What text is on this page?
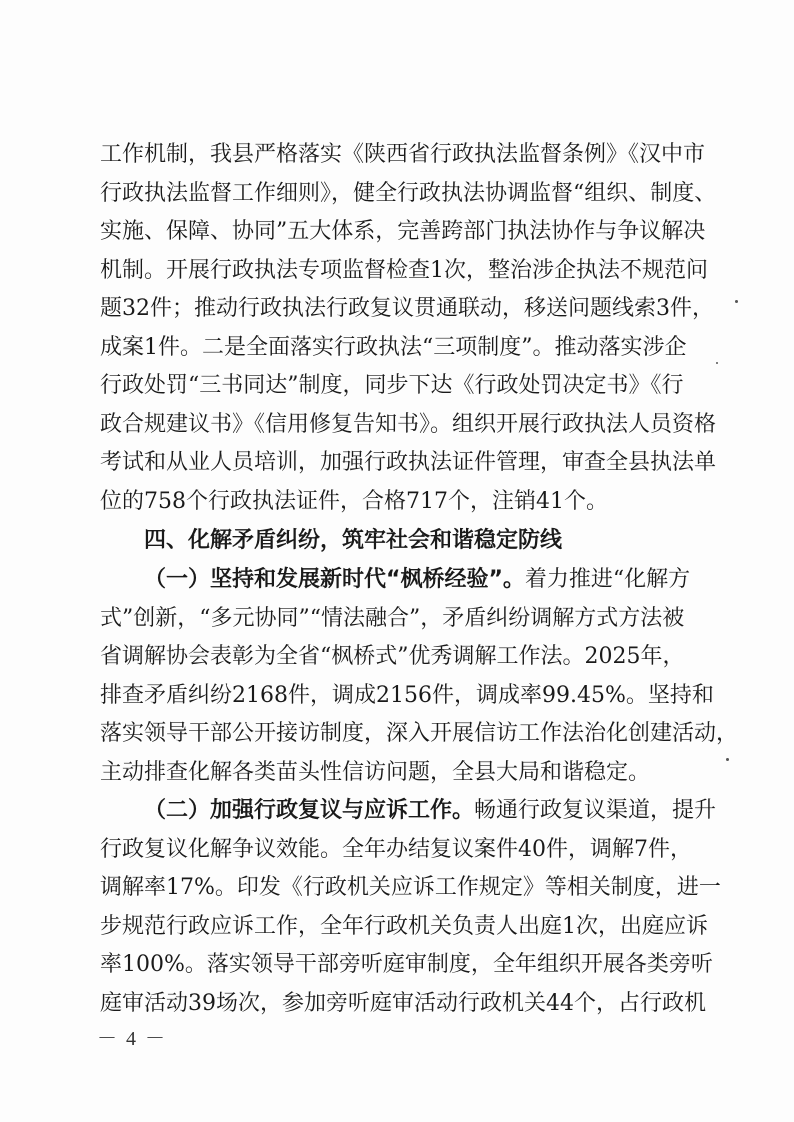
工作机制，我县严格落实《陕西省行政执法监督条例》《汉中市
行政执法监督工作细则》，健全行政执法协调监督“组织、制度、
实施、保障、协同”五大体系，完善跨部门执法协作与争议解决
机制。开展行政执法专项监督检查1次，整治涉企执法不规范问
题32件；推动行政执法行政复议贯通联动，移送问题线索3件，
成案1件。二是全面落实行政执法“三项制度”。推动落实涉企
行政处罚“三书同达”制度，同步下达《行政处罚决定书》《行
政合规建议书》《信用修复告知书》。组织开展行政执法人员资格
考试和从业人员培训，加强行政执法证件管理，审查全县执法单
位的758个行政执法证件，合格717个，注销41个。
四、化解矛盾纠纷，筑牢社会和谐稳定防线
（一）坚持和发展新时代“枫桥经验”。着力推进“化解方
式”创新，“多元协同”“情法融合”，矛盾纠纷调解方式方法被
省调解协会表彰为全省“枫桥式”优秀调解工作法。2025年，
排查矛盾纠纷2168件，调成2156件，调成率99.45%。坚持和
落实领导干部公开接访制度，深入开展信访工作法治化创建活动，
主动排查化解各类苗头性信访问题，全县大局和谐稳定。
（二）加强行政复议与应诉工作。畅通行政复议渠道，提升
行政复议化解争议效能。全年办结复议案件40件，调解7件，
调解率17%。印发《行政机关应诉工作规定》等相关制度，进一
步规范行政应诉工作，全年行政机关负责人出庭1次，出庭应诉
率100%。落实领导干部旁听庭审制度，全年组织开展各类旁听
庭审活动39场次，参加旁听庭审活动行政机关44个，占行政机
－ 4 －
